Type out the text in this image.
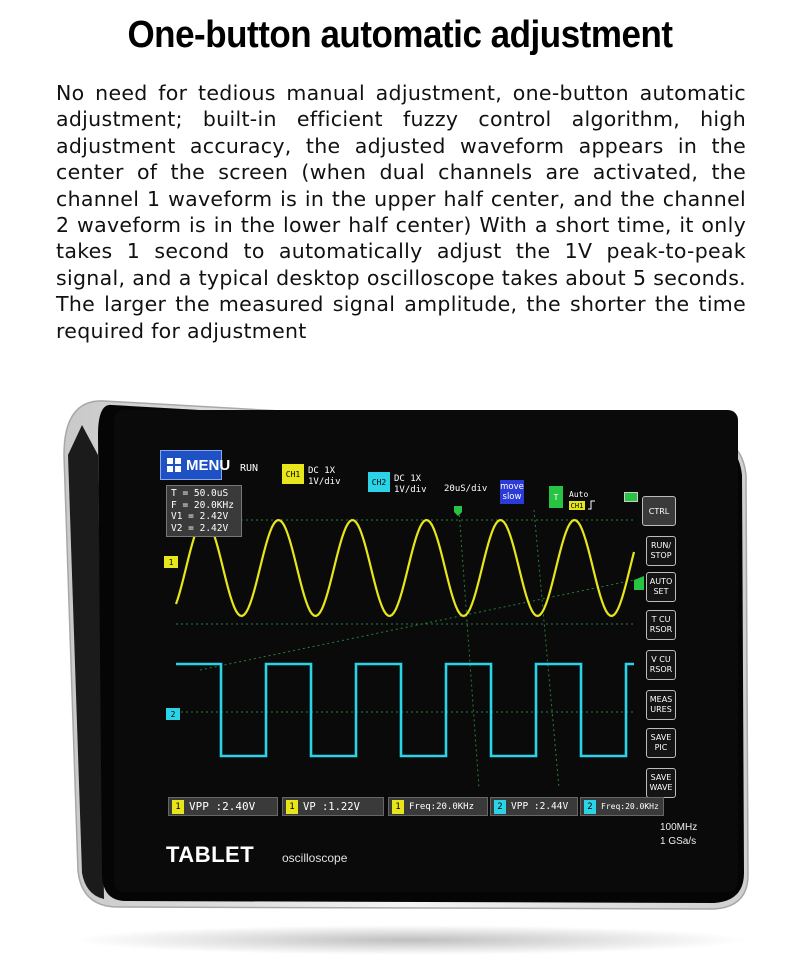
One-button automatic adjustment
No need for tedious manual adjustment, one-button automatic adjustment; built-in efficient fuzzy control algorithm, high adjustment accuracy, the adjusted waveform appears in the center of the screen (when dual channels are activated, the channel 1 waveform is in the upper half center, and the channel 2 waveform is in the lower half center) With a short time, it only takes 1 second to automatically adjust the 1V peak-to-peak signal, and a typical desktop oscilloscope takes about 5 seconds. The larger the measured signal amplitude, the shorter the time required for adjustment
MENU RUN	CH1 DC 1X
1V/div	CH2 DC 1X
1V/div 20uS/div move
slow	T	Auto
CH1
T = 50.0uS
F = 20.0KHz
V1 = 2.42V
V2 = 2.42V
1
2
CTRL
RUN/
STOP
AUTO
SET
T CU
RSOR
V CU
RSOR
MEAS
URES
SAVE
PIC
SAVE
WAVE
1 VPP :2.40V	1 VP :1.22V	1 Freq:20.0KHz	2 VPP :2.44V	2	Freq:20.0KHz
TABLET oscilloscope
100MHz
1 GSa/s
